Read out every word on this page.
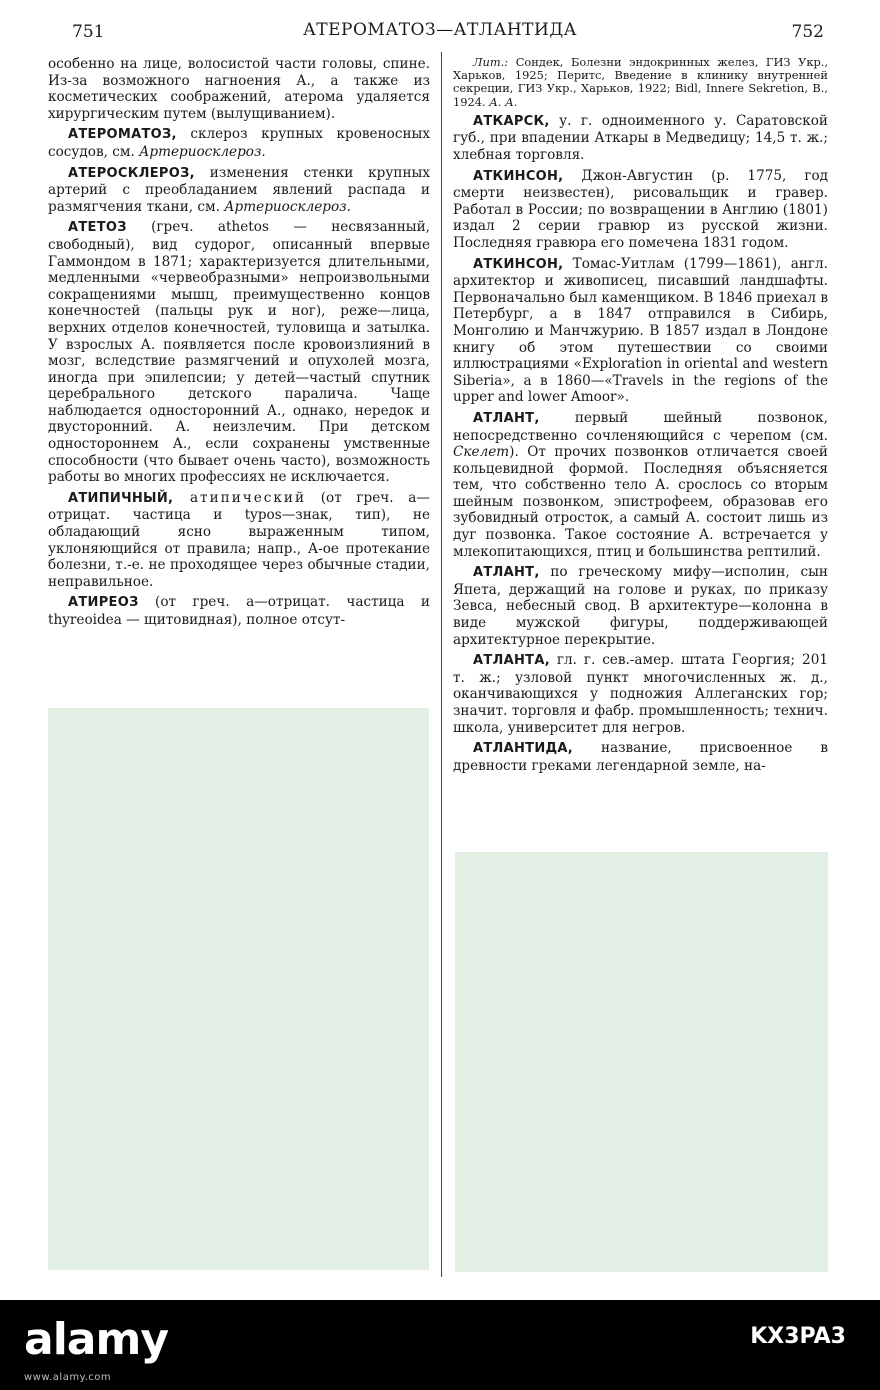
751	АТЕРОМАТОЗ—АТЛАНТИДА	752

особенно на лице, волосистой части головы, спине. Из-за возможного нагноения А., а также из косметических соображений, атерома удаляется хирургическим путем (вылущиванием).

АТЕРОМАТОЗ, склероз крупных кровеносных сосудов, см. Артериосклероз.

АТЕРОСКЛЕРОЗ, изменения стенки крупных артерий с преобладанием явлений распада и размягчения ткани, см. Артериосклероз.

АТЕТОЗ (греч. athetos — несвязанный, свободный), вид судорог, описанный впервые Гаммондом в 1871; характеризуется длительными, медленными «червеобразными» непроизвольными сокращениями мышц, преимущественно концов конечностей (пальцы рук и ног), реже—лица, верхних отделов конечностей, туловища и затылка. У взрослых А. появляется после кровоизлияний в мозг, вследствие размягчений и опухолей мозга, иногда при эпилепсии; у детей—частый спутник церебрального детского паралича. Чаще наблюдается односторонний А., однако, нередок и двусторонний. А. неизлечим. При детском одностороннем А., если сохранены умственные способности (что бывает очень часто), возможность работы во многих профессиях не исключается.

АТИПИЧНЫЙ, атипический (от греч. а—отрицат. частица и typos—знак, тип), не обладающий ясно выраженным типом, уклоняющийся от правила; напр., А-ое протекание болезни, т.-е. не проходящее через обычные стадии, неправильное.

АТИРЕОЗ (от греч. а—отрицат. частица и thyreoidea — щитовидная), полное отсут-

Лит.: Сондек, Болезни эндокринных желез, ГИЗ Укр., Харьков, 1925; Перитс, Введение в клинику внутренней секреции, ГИЗ Укр., Харьков, 1922; Bidl, Innere Sekretion, B., 1924. А. А.

АТКАРСК, у. г. одноименного у. Саратовской губ., при впадении Аткары в Медведицу; 14,5 т. ж.; хлебная торговля.

АТКИНСОН, Джон-Августин (р. 1775, год смерти неизвестен), рисовальщик и гравер. Работал в России; по возвращении в Англию (1801) издал 2 серии гравюр из русской жизни. Последняя гравюра его помечена 1831 годом.

АТКИНСОН, Томас-Уитлам (1799—1861), англ. архитектор и живописец, писавший ландшафты. Первоначально был каменщиком. В 1846 приехал в Петербург, а в 1847 отправился в Сибирь, Монголию и Манчжурию. В 1857 издал в Лондоне книгу об этом путешествии со своими иллюстрациями «Exploration in oriental and western Siberia», а в 1860—«Travels in the regions of the upper and lower Amoor».

АТЛАНТ, первый шейный позвонок, непосредственно сочленяющийся с черепом (см. Скелет). От прочих позвонков отличается своей кольцевидной формой. Последняя объясняется тем, что собственно тело А. срослось со вторым шейным позвонком, эпистрофеем, образовав его зубовидный отросток, а самый А. состоит лишь из дуг позвонка. Такое состояние А. встречается у млекопитающихся, птиц и большинства рептилий.

АТЛАНТ, по греческому мифу—исполин, сын Япета, держащий на голове и руках, по приказу Зевса, небесный свод. В архитектуре—колонна в виде мужской фигуры, поддерживающей архитектурное перекрытие.

АТЛАНТА, гл. г. сев.-амер. штата Георгия; 201 т. ж.; узловой пункт многочисленных ж. д., оканчивающихся у подножия Аллеганских гор; значит. торговля и фабр. промышленность; технич. школа, университет для негров.

АТЛАНТИДА, название, присвоенное в древности греками легендарной земле, на-

alamy	KX3PA3
www.alamy.com
